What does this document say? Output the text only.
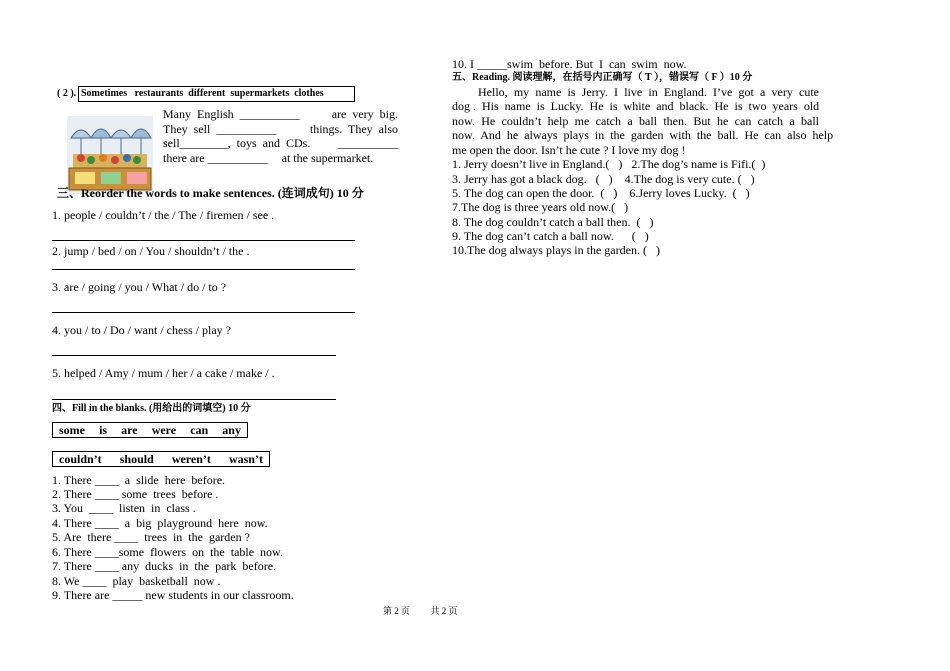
( 2 ). Sometimes   restaurants  different  supermarkets  clothes
Many  English  __________	are  very  big.
They  sell  __________	things.  They  also
sell________,  toys  and  CDs. __________
there are __________ at the supermarket.
三、Reorder the words to make sentences. (连词成句) 10 分
1. people / couldn’t / the / The / firemen / see .
2. jump / bed / on / You / shouldn’t / the .
3. are / going / you / What / do / to ?
4. you / to / Do / want / chess / play ?
5. helped / Amy / mum / her / a cake / make / .
四、Fill in the blanks. (用给出的词填空) 10 分
some is are were can any
couldn’t should weren’t wasn’t
1. There ____  a  slide  here  before.
2. There ____ some  trees  before .
3. You  ____  listen  in  class .
4. There ____  a  big  playground  here  now.
5. Are  there ____  trees  in  the  garden ?
6. There ____some  flowers  on  the  table  now.
7. There ____ any  ducks  in  the  park  before.
8. We ____  play  basketball  now .
9. There are _____ new students in our classroom.
10. I _____swim  before. But  I  can  swim  now.
五、Reading. 阅读理解，在括号内正确写（ T ），错误写（ F ）10 分
Hello,  my  name  is  Jerry.  I  live  in  England.  I’ve  got  a  very  cute
dog .  His  name  is  Lucky.  He  is  white  and  black.  He  is  two  years  old
now.  He  couldn’t  help  me  catch  a  ball  then.  But  he  can  catch  a  ball
now.  And  he  always  plays  in  the  garden  with  the  ball.  He  can  also  help
me open the door. Isn’t he cute ? I love my dog !
1. Jerry doesn’t live in England.(   )   2.The dog’s name is Fifi.(  )
3. Jerry has got a black dog.   (   )    4.The dog is very cute. (   )
5. The dog can open the door.  (   )    6.Jerry loves Lucky.  (   )
7.The dog is three years old now.(   )
8. The dog couldn’t catch a ball then.  (   )
9. The dog can’t catch a ball now.      (   )
10.The dog always plays in the garden. (   )
第 2 页 共 2 页
